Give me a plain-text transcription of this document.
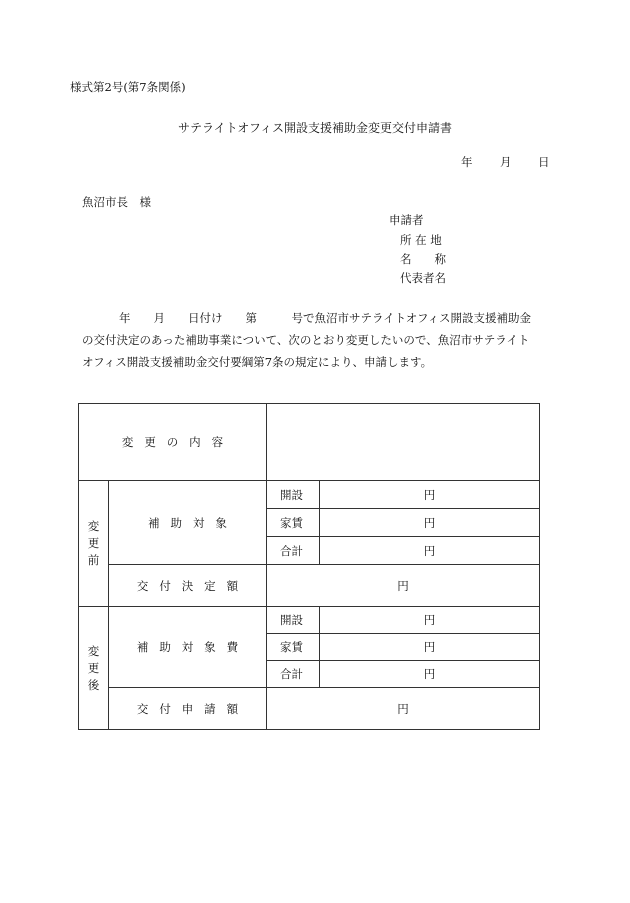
様式第2号(第7条関係)
サテライトオフィス開設支援補助金変更交付申請書
年 月 日
魚沼市長　様
申請者
所 在 地
名　　称
代表者名
年　　月　　日付け　　第　　　号で魚沼市サテライトオフィス開設支援補助金
の交付決定のあった補助事業について、次のとおり変更したいので、魚沼市サテライト
オフィス開設支援補助金交付要綱第7条の規定により、申請します。
変更の内容			

変
更
前	補助対象	開設	円
		家賃	円
		合計	円
	交付決定額	円	

変
更
後	補助対象費	開設	円
		家賃	円
		合計	円
	交付申請額	円	
